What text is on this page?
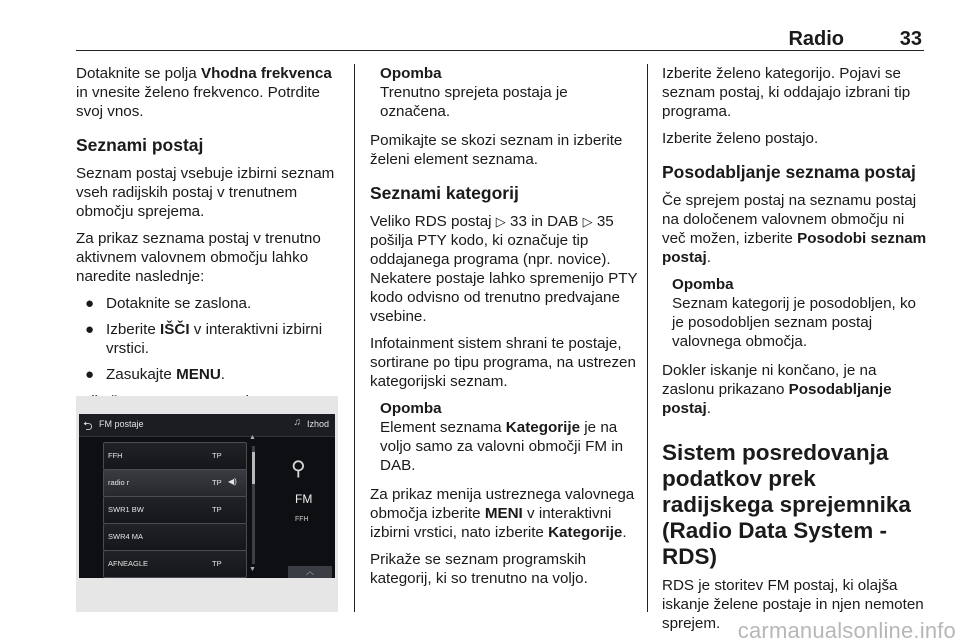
Radio	33

Dotaknite se polja Vhodna frekvenca in vnesite želeno frekvenco. Potrdite svoj vnos.

Seznami postaj

Seznam postaj vsebuje izbirni seznam vseh radijskih postaj v trenutnem območju sprejema.

Za prikaz seznama postaj v trenutno aktivnem valovnem območju lahko naredite naslednje:

● Dotaknite se zaslona.
● Izberite IŠČI v interaktivni izbirni vrstici.
● Zasukajte MENU.

⮌ FM postaje	♫ Izhod
FFH	TP
radio r	TP ◀)
SWR1 BW	TP
SWR4 MA
AFNEAGLE	TP
▲
▼
⚲
FM
FFH
︿
Opomba
Trenutno sprejeta postaja je označena.

Pomikajte se skozi seznam in izberite želeni element seznama.

Seznami kategorij

Veliko RDS postaj ▷ 33 in DAB ▷ 35 pošilja PTY kodo, ki označuje tip oddajanega programa (npr. novice). Nekatere postaje lahko spremenijo PTY kodo odvisno od trenutno predvajane vsebine.

Infotainment sistem shrani te postaje, sortirane po tipu programa, na ustrezen kategorijski seznam.

Opomba
Element seznama Kategorije je na voljo samo za valovni območji FM in DAB.

Za prikaz menija ustreznega valovnega območja izberite MENI v interaktivni izbirni vrstici, nato izberite Kategorije.

Prikaže se seznam programskih kategorij, ki so trenutno na voljo.

Izberite želeno kategorijo. Pojavi se seznam postaj, ki oddajajo izbrani tip programa.

Izberite želeno postajo.

Posodabljanje seznama postaj

Če sprejem postaj na seznamu postaj na določenem valovnem območju ni več možen, izberite Posodobi seznam postaj.

Opomba
Seznam kategorij je posodobljen, ko je posodobljen seznam postaj valovnega območja.

Dokler iskanje ni končano, je na zaslonu prikazano Posodabljanje postaj.

Sistem posredovanja podatkov prek radijskega sprejemnika (Radio Data System - RDS)

RDS je storitev FM postaj, ki olajša iskanje želene postaje in njen nemoten sprejem. carmanualsonline.info
